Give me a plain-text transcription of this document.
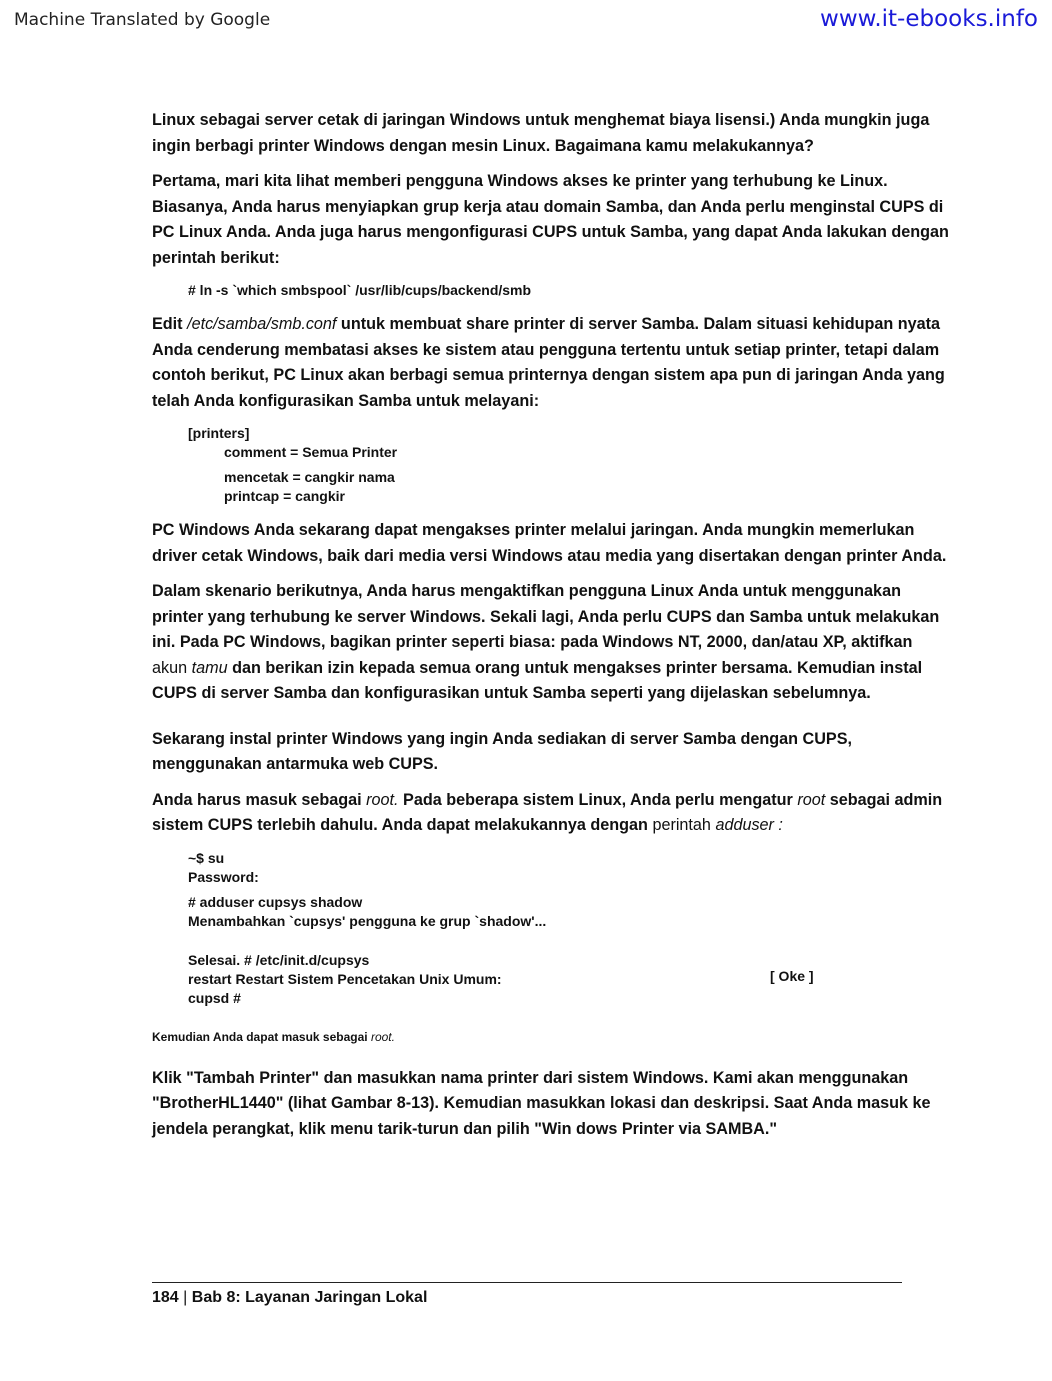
Machine Translated by Google	www.it-ebooks.info

Linux sebagai server cetak di jaringan Windows untuk menghemat biaya lisensi.) Anda mungkin juga ingin berbagi printer Windows dengan mesin Linux. Bagaimana kamu melakukannya?

Pertama, mari kita lihat memberi pengguna Windows akses ke printer yang terhubung ke Linux. Biasanya, Anda harus menyiapkan grup kerja atau domain Samba, dan Anda perlu menginstal CUPS di PC Linux Anda. Anda juga harus mengonfigurasi CUPS untuk Samba, yang dapat Anda lakukan dengan perintah berikut:

# ln -s `which smbspool` /usr/lib/cups/backend/smb

Edit /etc/samba/smb.conf untuk membuat share printer di server Samba. Dalam situasi kehidupan nyata Anda cenderung membatasi akses ke sistem atau pengguna tertentu untuk setiap printer, tetapi dalam contoh berikut, PC Linux akan berbagi semua printernya dengan sistem apa pun di jaringan Anda yang telah Anda konfigurasikan Samba untuk melayani:

[printers]
comment = Semua Printer
mencetak = cangkir nama
printcap = cangkir

PC Windows Anda sekarang dapat mengakses printer melalui jaringan. Anda mungkin memerlukan driver cetak Windows, baik dari media versi Windows atau media yang disertakan dengan printer Anda.

Dalam skenario berikutnya, Anda harus mengaktifkan pengguna Linux Anda untuk menggunakan printer yang terhubung ke server Windows. Sekali lagi, Anda perlu CUPS dan Samba untuk melakukan ini. Pada PC Windows, bagikan printer seperti biasa: pada Windows NT, 2000, dan/atau XP, aktifkan akun tamu dan berikan izin kepada semua orang untuk mengakses printer bersama. Kemudian instal CUPS di server Samba dan konfigurasikan untuk Samba seperti yang dijelaskan sebelumnya.

Sekarang instal printer Windows yang ingin Anda sediakan di server Samba dengan CUPS, menggunakan antarmuka web CUPS.

Anda harus masuk sebagai root. Pada beberapa sistem Linux, Anda perlu mengatur root sebagai admin sistem CUPS terlebih dahulu. Anda dapat melakukannya dengan perintah adduser :

~$ su
Password:
# adduser cupsys shadow
Menambahkan `cupsys' pengguna ke grup `shadow'...
Selesai. # /etc/init.d/cupsys
restart Restart Sistem Pencetakan Unix Umum:	[ Oke ]
cupsd #

Kemudian Anda dapat masuk sebagai root.

Klik "Tambah Printer" dan masukkan nama printer dari sistem Windows. Kami akan menggunakan "BrotherHL1440" (lihat Gambar 8-13). Kemudian masukkan lokasi dan deskripsi. Saat Anda masuk ke jendela perangkat, klik menu tarik-turun dan pilih "Win dows Printer via SAMBA."

184 | Bab 8: Layanan Jaringan Lokal
